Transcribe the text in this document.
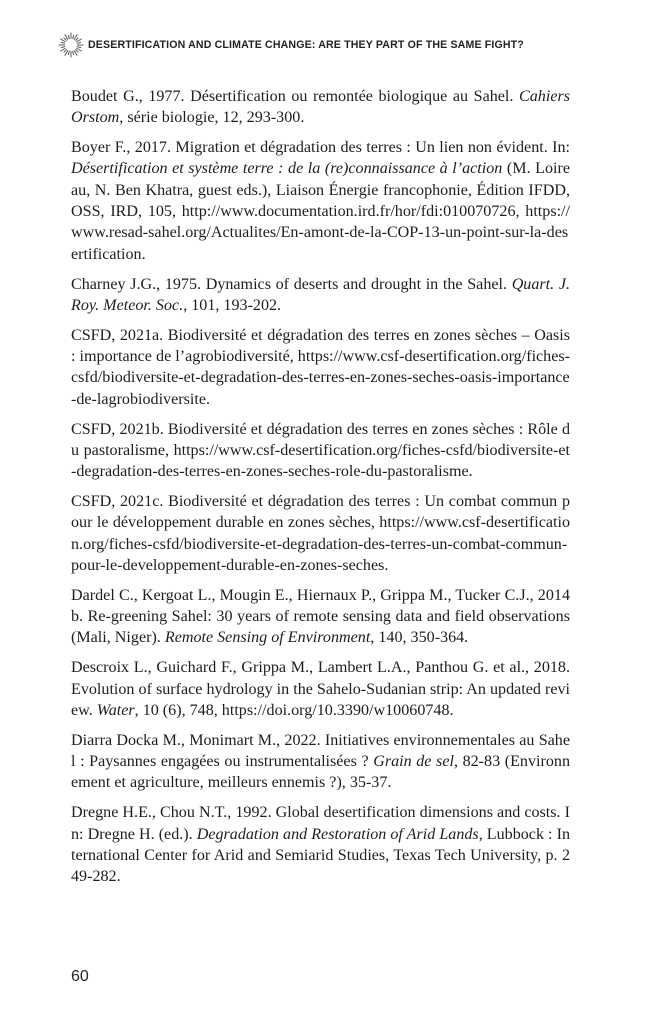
DESERTIFICATION AND CLIMATE CHANGE: ARE THEY PART OF THE SAME FIGHT?

Boudet G., 1977. Désertification ou remontée biologique au Sahel. Cahiers Orstom, série biologie, 12, 293-300.

Boyer F., 2017. Migration et dégradation des terres : Un lien non évident. In: Désertification et système terre : de la (re)connaissance à l’action (M. Loireau, N. Ben Khatra, guest eds.), Liaison Énergie francophonie, Édition IFDD, OSS, IRD, 105, http://www.documentation.ird.fr/hor/fdi:010070726, https://www.resad-sahel.org/Actualites/En-amont-de-la-COP-13-un-point-sur-la-desertification.

Charney J.G., 1975. Dynamics of deserts and drought in the Sahel. Quart. J. Roy. Meteor. Soc., 101, 193-202.

CSFD, 2021a. Biodiversité et dégradation des terres en zones sèches – Oasis : importance de l’agrobiodiversité, https://www.csf-desertification.org/fiches-csfd/biodiversite-et-degradation-des-terres-en-zones-seches-oasis-importance-de-lagrobiodiversite.

CSFD, 2021b. Biodiversité et dégradation des terres en zones sèches : Rôle du pastoralisme, https://www.csf-desertification.org/fiches-csfd/biodiversite-et-degradation-des-terres-en-zones-seches-role-du-pastoralisme.

CSFD, 2021c. Biodiversité et dégradation des terres : Un combat commun pour le développement durable en zones sèches, https://www.csf-desertification.org/fiches-csfd/biodiversite-et-degradation-des-terres-un-combat-commun-pour-le-developpement-durable-en-zones-seches.

Dardel C., Kergoat L., Mougin E., Hiernaux P., Grippa M., Tucker C.J., 2014b. Re-greening Sahel: 30 years of remote sensing data and field observations (Mali, Niger). Remote Sensing of Environment, 140, 350-364.

Descroix L., Guichard F., Grippa M., Lambert L.A., Panthou G. et al., 2018. Evolution of surface hydrology in the Sahelo-Sudanian strip: An updated review. Water, 10 (6), 748, https://doi.org/10.3390/w10060748.

Diarra Docka M., Monimart M., 2022. Initiatives environnementales au Sahel : Paysannes engagées ou instrumentalisées ? Grain de sel, 82-83 (Environnement et agriculture, meilleurs ennemis ?), 35-37.

Dregne H.E., Chou N.T., 1992. Global desertification dimensions and costs. In: Dregne H. (ed.). Degradation and Restoration of Arid Lands, Lubbock : International Center for Arid and Semiarid Studies, Texas Tech University, p. 249-282.

60
